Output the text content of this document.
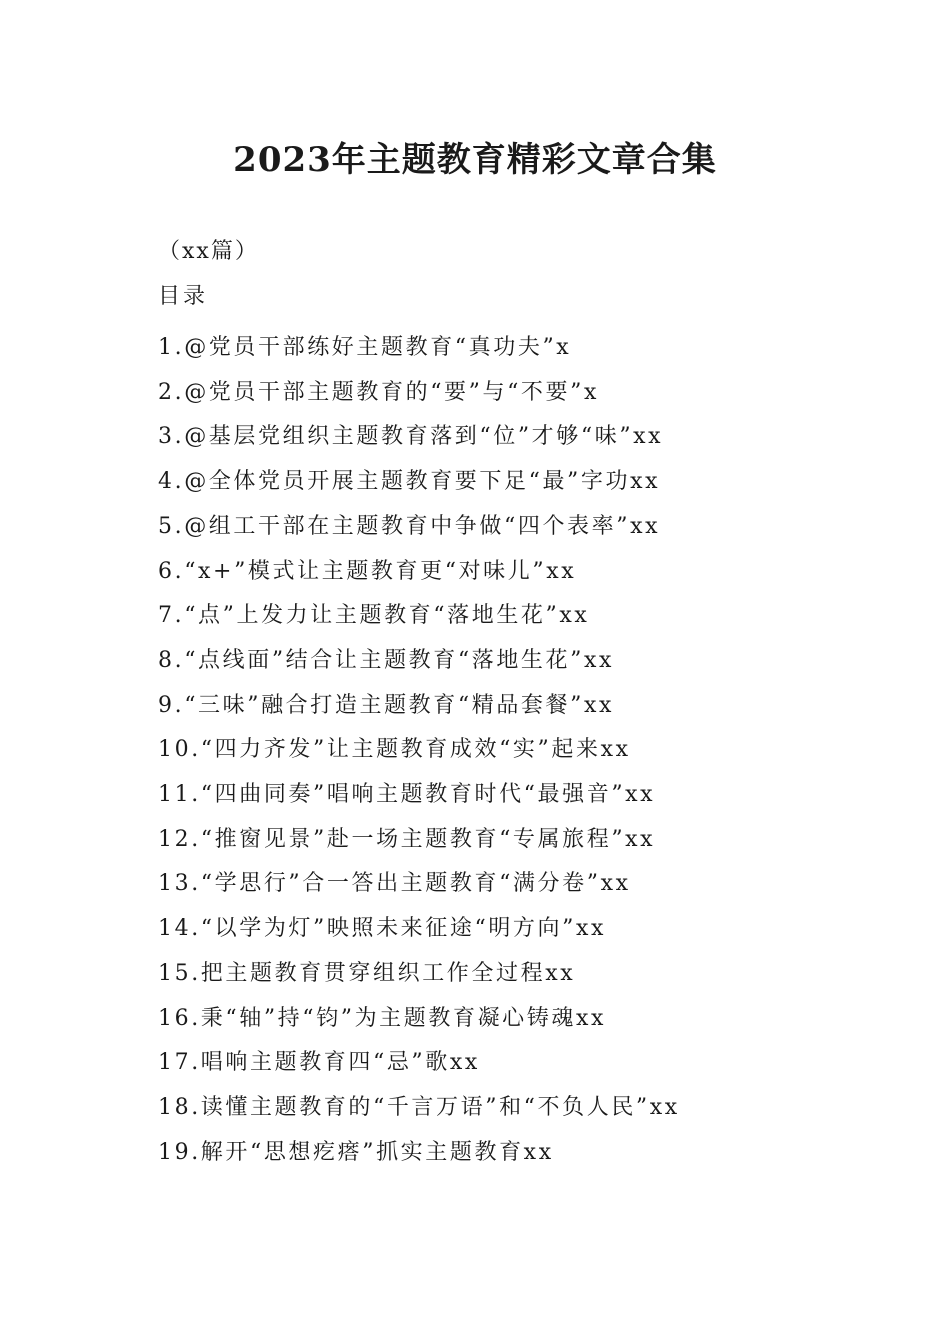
2023年主题教育精彩文章合集
（xx篇）
目录
1.@党员干部练好主题教育“真功夫”x
2.@党员干部主题教育的“要”与“不要”x
3.@基层党组织主题教育落到“位”才够“味”xx
4.@全体党员开展主题教育要下足“最”字功xx
5.@组工干部在主题教育中争做“四个表率”xx
6.“x+”模式让主题教育更“对味儿”xx
7.“点”上发力让主题教育“落地生花”xx
8.“点线面”结合让主题教育“落地生花”xx
9.“三味”融合打造主题教育“精品套餐”xx
10.“四力齐发”让主题教育成效“实”起来xx
11.“四曲同奏”唱响主题教育时代“最强音”xx
12.“推窗见景”赴一场主题教育“专属旅程”xx
13.“学思行”合一答出主题教育“满分卷”xx
14.“以学为灯”映照未来征途“明方向”xx
15.把主题教育贯穿组织工作全过程xx
16.秉“轴”持“钧”为主题教育凝心铸魂xx
17.唱响主题教育四“忌”歌xx
18.读懂主题教育的“千言万语”和“不负人民”xx
19.解开“思想疙瘩”抓实主题教育xx
